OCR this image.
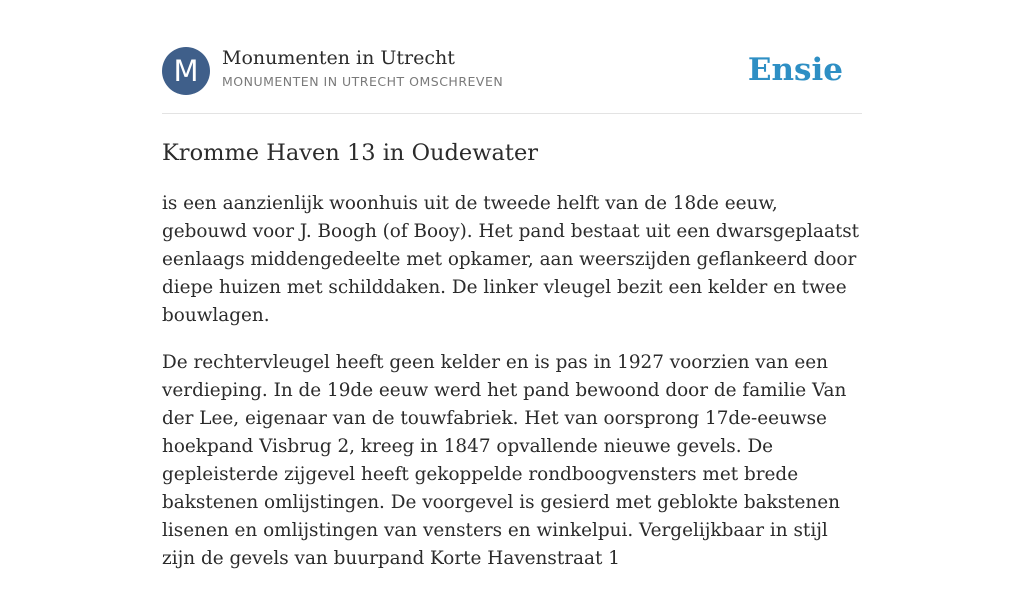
M	Monumenten in Utrecht
MONUMENTEN IN UTRECHT OMSCHREVEN	Ensie
Kromme Haven 13 in Oudewater

is een aanzienlijk woonhuis uit de tweede helft van de 18de eeuw, gebouwd voor J. Boogh (of Booy). Het pand bestaat uit een dwarsgeplaatst eenlaags middengedeelte met opkamer, aan weerszijden geflankeerd door diepe huizen met schilddaken. De linker vleugel bezit een kelder en twee bouwlagen.

De rechtervleugel heeft geen kelder en is pas in 1927 voorzien van een verdieping. In de 19de eeuw werd het pand bewoond door de familie Van der Lee, eigenaar van de touwfabriek. Het van oorsprong 17de-eeuwse hoekpand Visbrug 2, kreeg in 1847 opvallende nieuwe gevels. De gepleisterde zijgevel heeft gekoppelde rondboogvensters met brede bakstenen omlijstingen. De voorgevel is gesierd met geblokte bakstenen lisenen en omlijstingen van vensters en winkelpui. Vergelijkbaar in stijl zijn de gevels van buurpand Korte Havenstraat 1
